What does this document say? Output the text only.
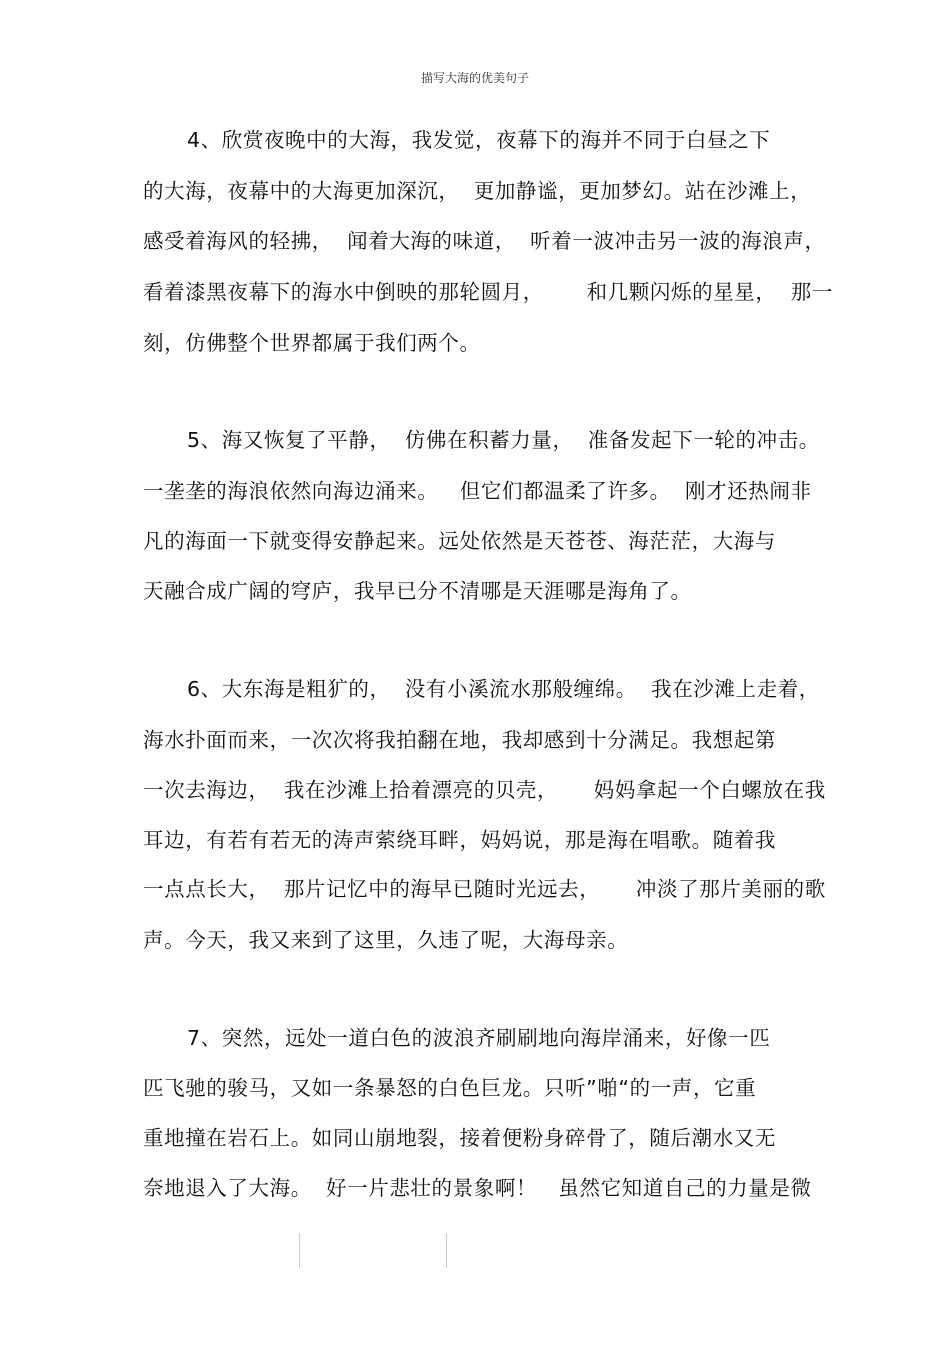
描写大海的优美句子
4、欣赏夜晚中的大海，我发觉，夜幕下的海并不同于白昼之下
的大海，夜幕中的大海更加深沉，  更加静谧，更加梦幻。站在沙滩上，
感受着海风的轻拂，  闻着大海的味道，  听着一波冲击另一波的海浪声，
看着漆黑夜幕下的海水中倒映的那轮圆月，      和几颗闪烁的星星，  那一
刻，仿佛整个世界都属于我们两个。
5、海又恢复了平静，  仿佛在积蓄力量，  准备发起下一轮的冲击。
一垄垄的海浪依然向海边涌来。   但它们都温柔了许多。  刚才还热闹非
凡的海面一下就变得安静起来。远处依然是天苍苍、海茫茫，大海与
天融合成广阔的穹庐，我早已分不清哪是天涯哪是海角了。
6、大东海是粗犷的，  没有小溪流水那般缠绵。  我在沙滩上走着，
海水扑面而来，一次次将我拍翻在地，我却感到十分满足。我想起第
一次去海边，  我在沙滩上拾着漂亮的贝壳，     妈妈拿起一个白螺放在我
耳边，有若有若无的涛声萦绕耳畔，妈妈说，那是海在唱歌。随着我
一点点长大，  那片记忆中的海早已随时光远去，     冲淡了那片美丽的歌
声。今天，我又来到了这里，久违了呢，大海母亲。
7、突然，远处一道白色的波浪齐刷刷地向海岸涌来，好像一匹
匹飞驰的骏马，又如一条暴怒的白色巨龙。只听”啪“的一声，它重
重地撞在岩石上。如同山崩地裂，接着便粉身碎骨了，随后潮水又无
奈地退入了大海。  好一片悲壮的景象啊！   虽然它知道自己的力量是微
